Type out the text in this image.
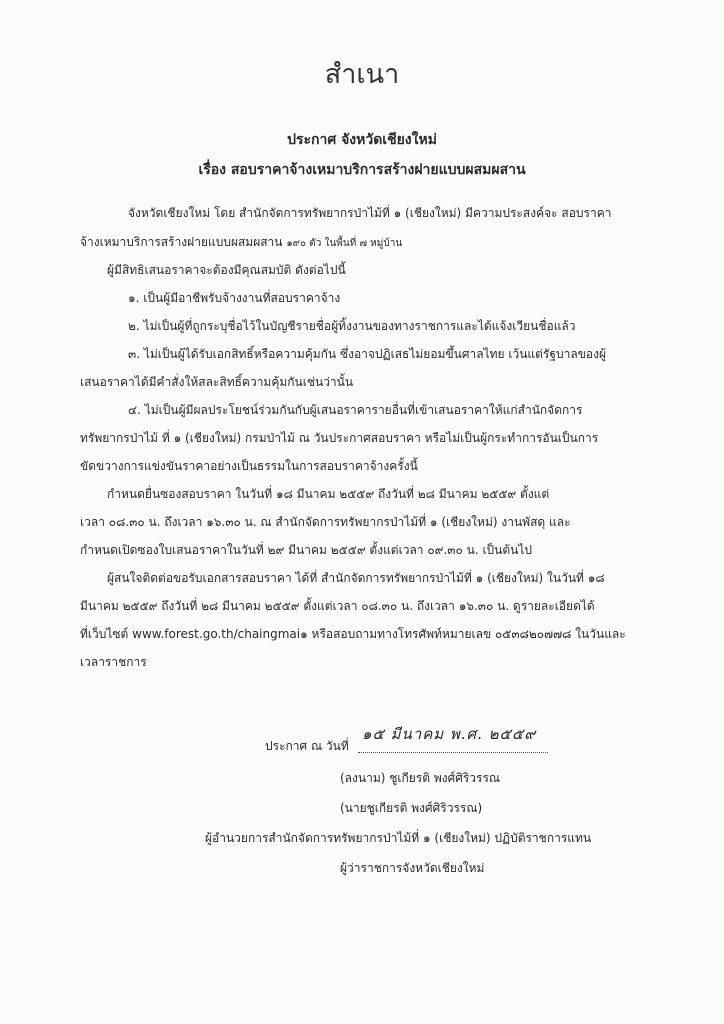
สำเนา
ประกาศ จังหวัดเชียงใหม่
เรื่อง สอบราคาจ้างเหมาบริการสร้างฝายแบบผสมผสาน
จังหวัดเชียงใหม่ โดย สำนักจัดการทรัพยากรป่าไม้ที่ ๑ (เชียงใหม่) มีความประสงค์จะ สอบราคา
จ้างเหมาบริการสร้างฝายแบบผสมผสาน ๑๙๐ ตัว ในพื้นที่ ๗ หมู่บ้าน
ผู้มีสิทธิเสนอราคาจะต้องมีคุณสมบัติ ดังต่อไปนี้
๑. เป็นผู้มีอาชีพรับจ้างงานที่สอบราคาจ้าง
๒. ไม่เป็นผู้ที่ถูกระบุชื่อไว้ในบัญชีรายชื่อผู้ทิ้งงานของทางราชการและได้แจ้งเวียนชื่อแล้ว
๓. ไม่เป็นผู้ได้รับเอกสิทธิ์หรือความคุ้มกัน ซึ่งอาจปฏิเสธไม่ยอมขึ้นศาลไทย เว้นแต่รัฐบาลของผู้
เสนอราคาได้มีคำสั่งให้สละสิทธิ์ความคุ้มกันเช่นว่านั้น
๔. ไม่เป็นผู้มีผลประโยชน์ร่วมกันกับผู้เสนอราคารายอื่นที่เข้าเสนอราคาให้แก่สำนักจัดการ
ทรัพยากรป่าไม้ ที่ ๑ (เชียงใหม่) กรมป่าไม้ ณ วันประกาศสอบราคา หรือไม่เป็นผู้กระทำการอันเป็นการ
ขัดขวางการแข่งขันราคาอย่างเป็นธรรมในการสอบราคาจ้างครั้งนี้
กำหนดยื่นซองสอบราคา ในวันที่ ๑๘ มีนาคม ๒๕๕๙ ถึงวันที่ ๒๘ มีนาคม ๒๕๕๙ ตั้งแต่
เวลา ๐๘.๓๐ น. ถึงเวลา ๑๖.๓๐ น. ณ สำนักจัดการทรัพยากรป่าไม้ที่ ๑ (เชียงใหม่) งานพัสดุ และ
กำหนดเปิดซองใบเสนอราคาในวันที่ ๒๙ มีนาคม ๒๕๕๙ ตั้งแต่เวลา ๐๙.๓๐ น. เป็นต้นไป
ผู้สนใจติดต่อขอรับเอกสารสอบราคา ได้ที่ สำนักจัดการทรัพยากรป่าไม้ที่ ๑ (เชียงใหม่) ในวันที่ ๑๘
มีนาคม ๒๕๕๙ ถึงวันที่ ๒๘ มีนาคม ๒๕๕๙ ตั้งแต่เวลา ๐๘.๓๐ น. ถึงเวลา ๑๖.๓๐ น. ดูรายละเอียดได้
ที่เว็บไซต์ www.forest.go.th/chaingmai๑ หรือสอบถามทางโทรศัพท์หมายเลข ๐๕๓๘๒๐๗๗๘ ในวันและ
เวลาราชการ
ประกาศ ณ วันที่
๑๕ มีนาคม พ.ศ. ๒๕๕๙
(ลงนาม) ชูเกียรติ พงศ์ศิริวรรณ
(นายชูเกียรติ พงศ์ศิริวรรณ)
ผู้อำนวยการสำนักจัดการทรัพยากรป่าไม้ที่ ๑ (เชียงใหม่) ปฏิบัติราชการแทน
ผู้ว่าราชการจังหวัดเชียงใหม่
